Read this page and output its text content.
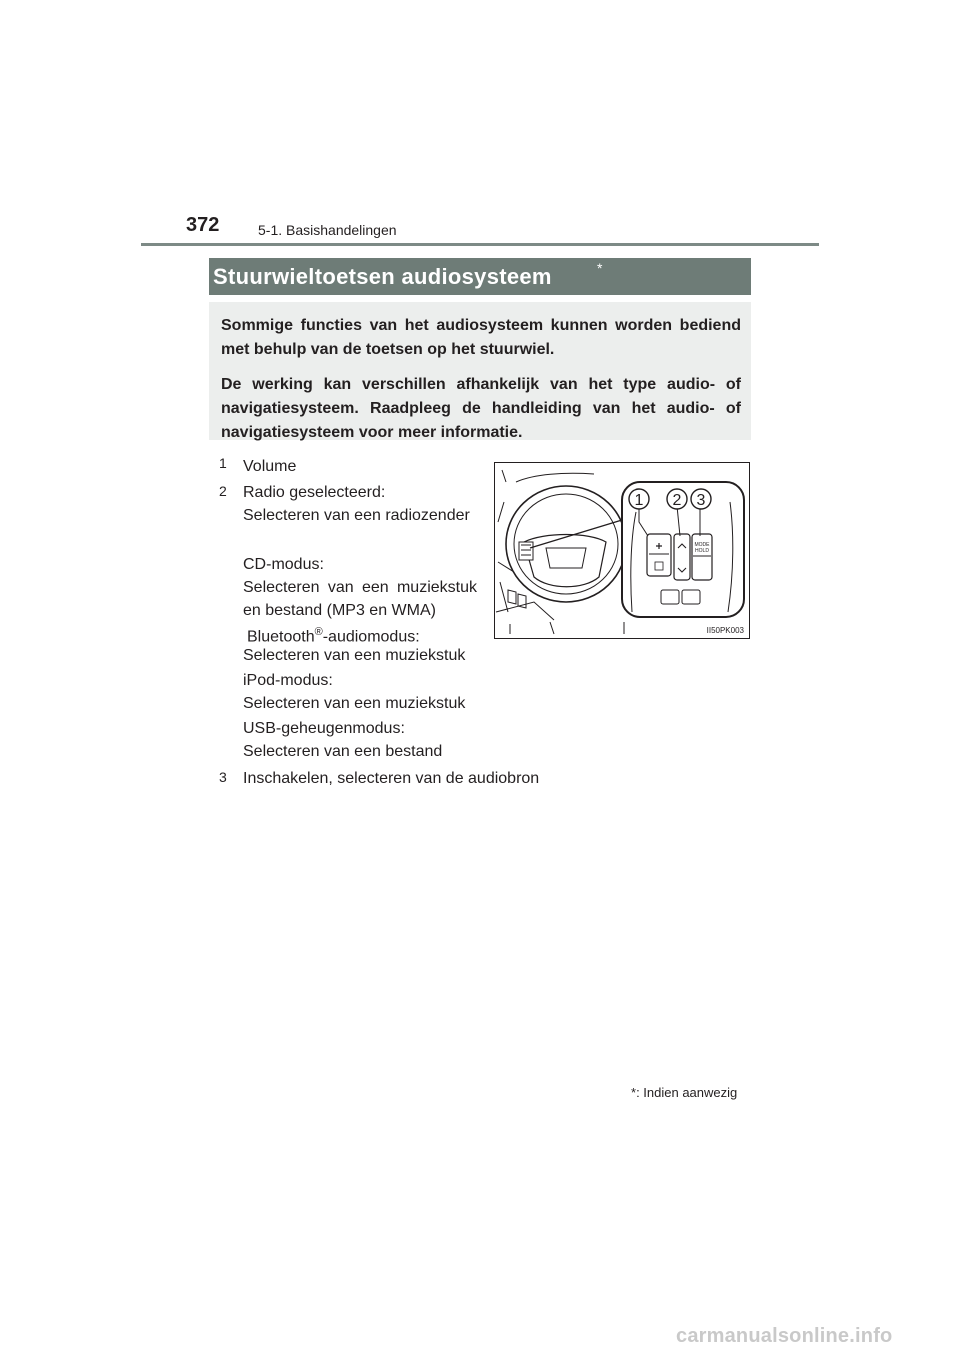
372	5-1. Basishandelingen
Stuurwieltoetsen audiosysteem	*

Sommige functies van het audiosysteem kunnen worden bediend met behulp van de toetsen op het stuurwiel.

De werking kan verschillen afhankelijk van het type audio- of navigatiesysteem. Raadpleeg de handleiding van het audio- of navigatiesysteem voor meer informatie.

1 Volume
2 Radio geselecteerd:
Selecteren van een radiozender
CD-modus:
Selecteren van een muziekstuk en bestand (MP3 en WMA)
Bluetooth®-audiomodus:
Selecteren van een muziekstuk
iPod-modus:
Selecteren van een muziekstuk
USB-geheugenmodus:
Selecteren van een bestand
3 Inschakelen, selecteren van de audiobron
MODE
HOLD
1 2 3
II50PK003
*: Indien aanwezig
carmanualsonline.info
